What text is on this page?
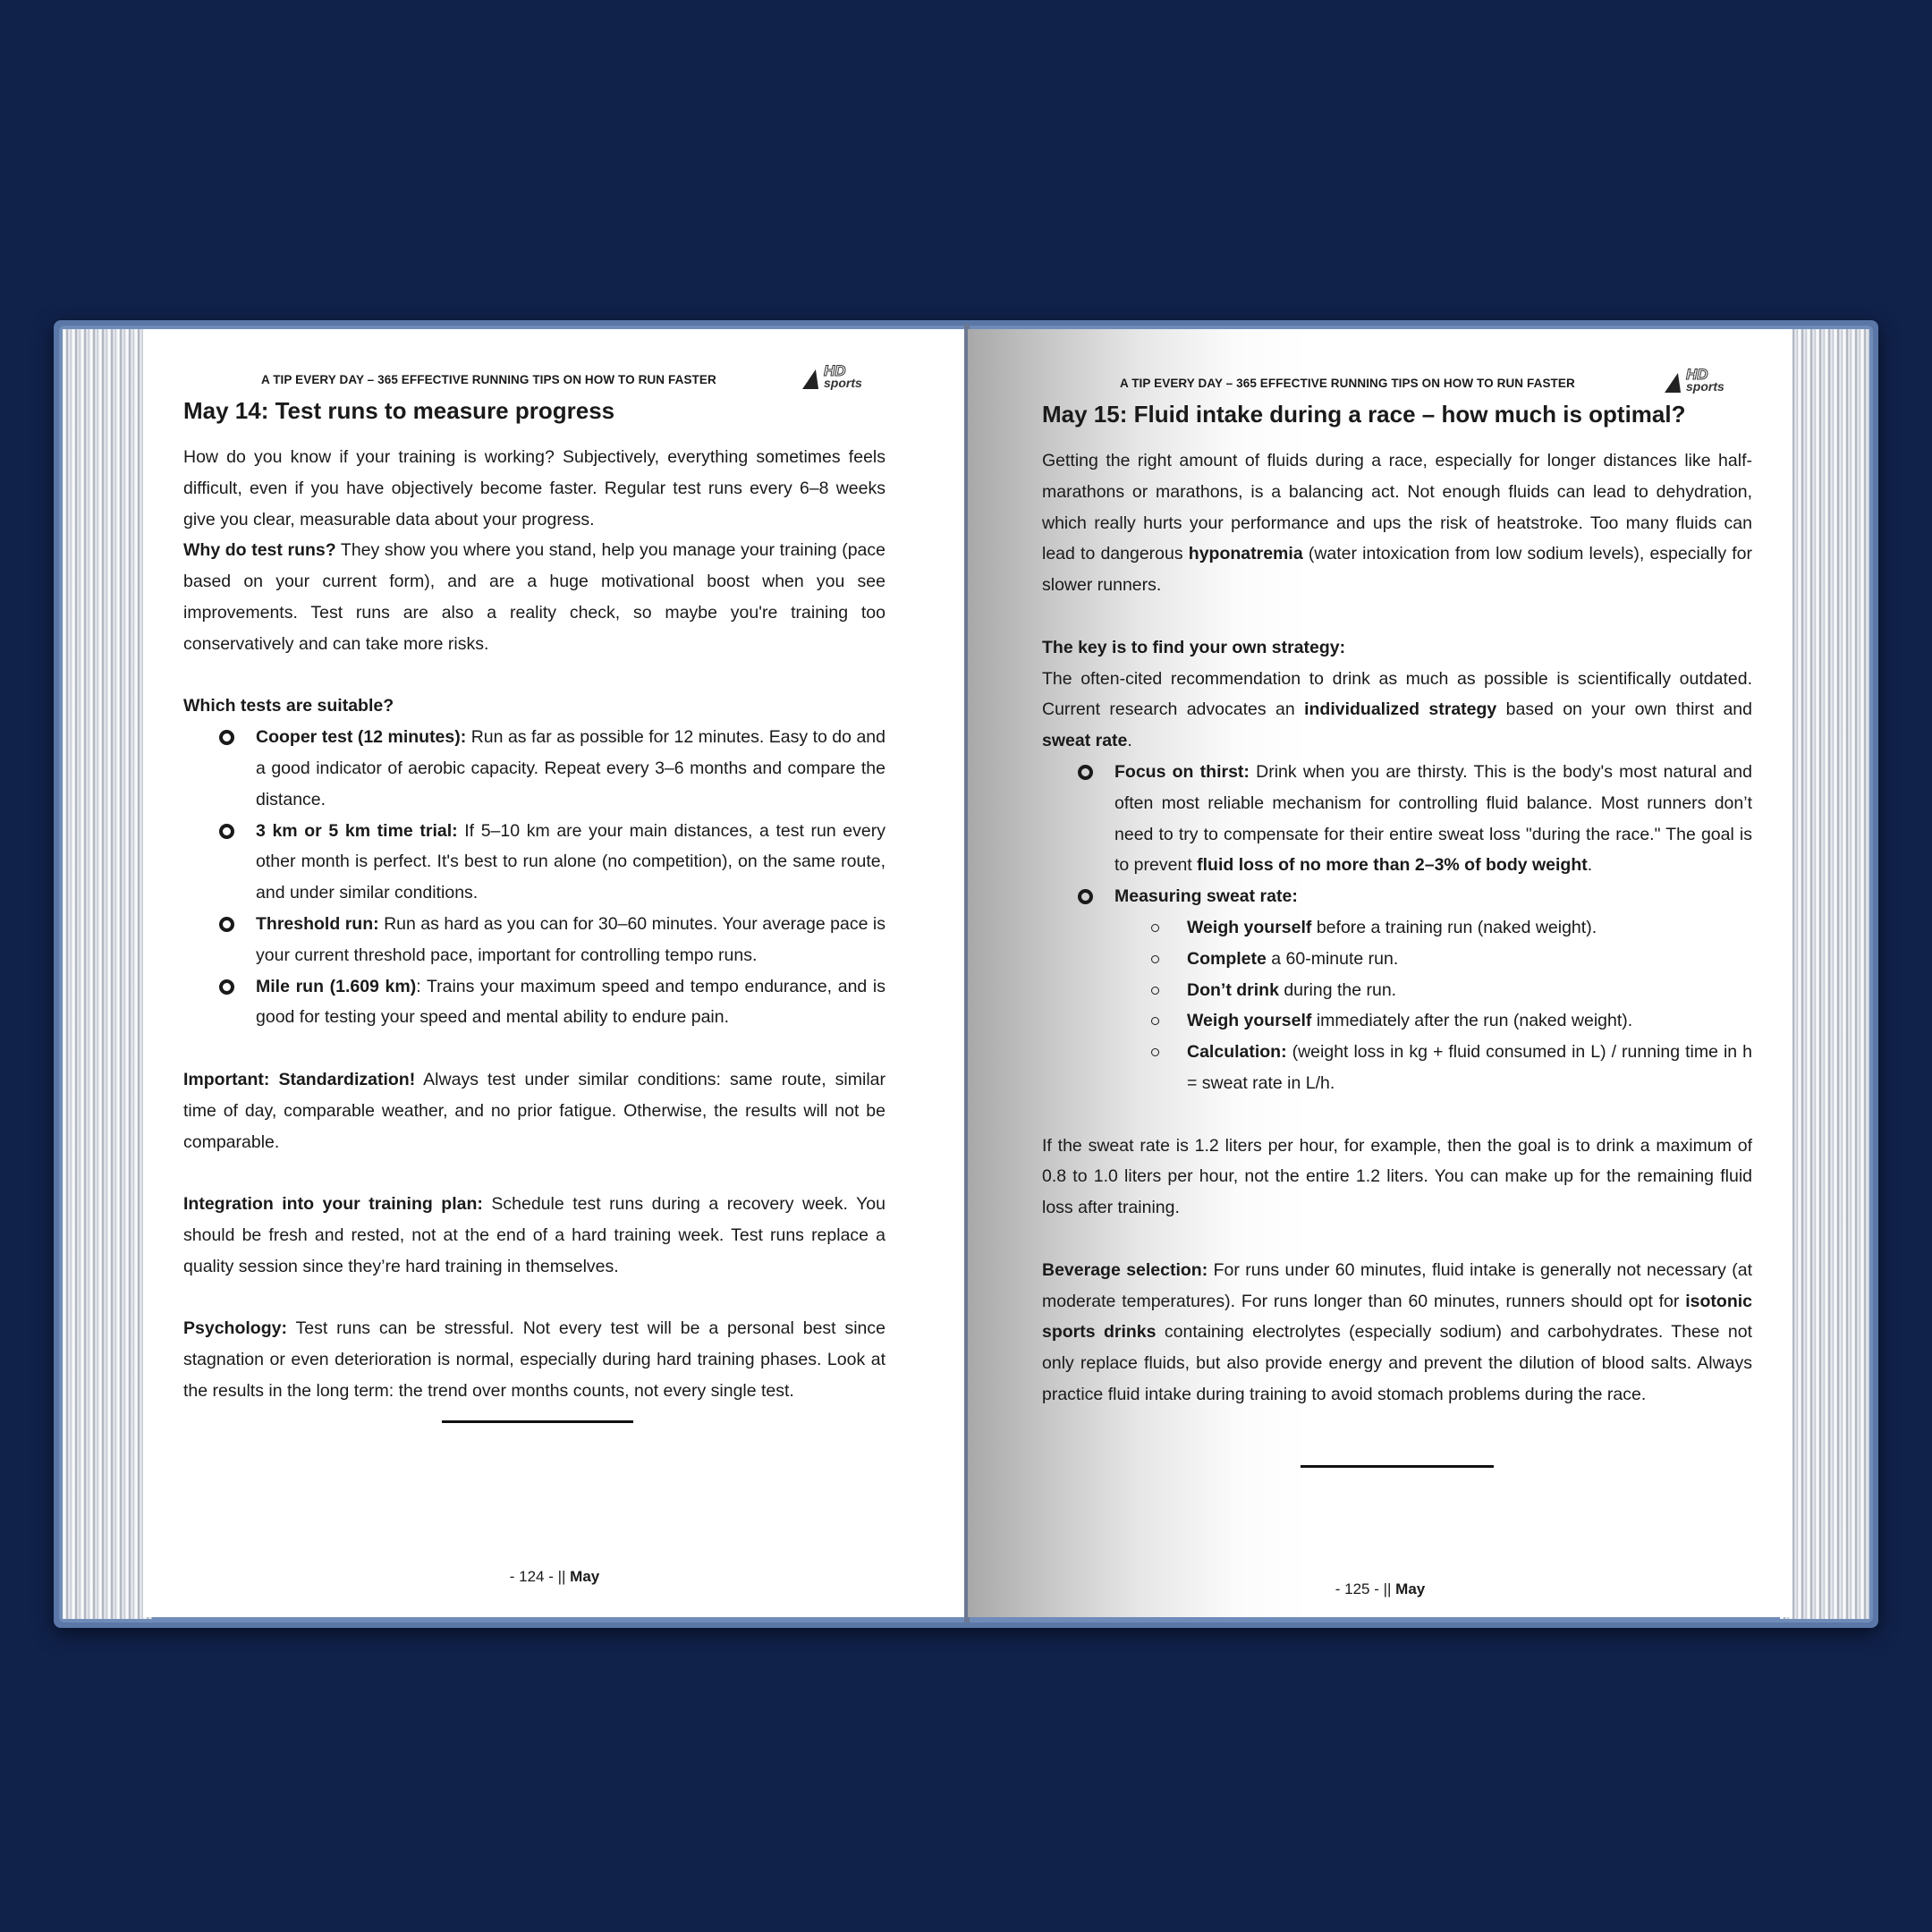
A TIP EVERY DAY – 365 EFFECTIVE RUNNING TIPS ON HOW TO RUN FASTER
HD
sports
May 14: Test runs to measure progress

How do you know if your training is working? Subjectively, everything sometimes feels difficult, even if you have objectively become faster. Regular test runs every 6–8 weeks give you clear, measurable data about your progress.

Why do test runs? They show you where you stand, help you manage your training (pace based on your current form), and are a huge motivational boost when you see improvements. Test runs are also a reality check, so maybe you're training too conservatively and can take more risks.

Which tests are suitable?

Cooper test (12 minutes): Run as far as possible for 12 minutes. Easy to do and a good indicator of aerobic capacity. Repeat every 3–6 months and compare the distance.
3 km or 5 km time trial: If 5–10 km are your main distances, a test run every other month is perfect. It's best to run alone (no competition), on the same route, and under similar conditions.
Threshold run: Run as hard as you can for 30–60 minutes. Your average pace is your current threshold pace, important for controlling tempo runs.
Mile run (1.609 km): Trains your maximum speed and tempo endurance, and is good for testing your speed and mental ability to endure pain.

Important: Standardization! Always test under similar conditions: same route, similar time of day, comparable weather, and no prior fatigue. Otherwise, the results will not be comparable.

Integration into your training plan: Schedule test runs during a recovery week. You should be fresh and rested, not at the end of a hard training week. Test runs replace a quality session since they’re hard training in themselves.

Psychology: Test runs can be stressful. Not every test will be a personal best since stagnation or even deterioration is normal, especially during hard training phases. Look at the results in the long term: the trend over months counts, not every single test.

- 124 - || May
A TIP EVERY DAY – 365 EFFECTIVE RUNNING TIPS ON HOW TO RUN FASTER
HD
sports
May 15: Fluid intake during a race – how much is optimal?

Getting the right amount of fluids during a race, especially for longer distances like half-marathons or marathons, is a balancing act. Not enough fluids can lead to dehydration, which really hurts your performance and ups the risk of heatstroke. Too many fluids can lead to dangerous hyponatremia (water intoxication from low sodium levels), especially for slower runners.

The key is to find your own strategy:

The often-cited recommendation to drink as much as possible is scientifically outdated. Current research advocates an individualized strategy based on your own thirst and sweat rate.

Focus on thirst: Drink when you are thirsty. This is the body's most natural and often most reliable mechanism for controlling fluid balance. Most runners don’t need to try to compensate for their entire sweat loss "during the race." The goal is to prevent fluid loss of no more than 2–3% of body weight.
Measuring sweat rate:
Weigh yourself before a training run (naked weight).
Complete a 60-minute run.
Don’t drink during the run.
Weigh yourself immediately after the run (naked weight).
Calculation: (weight loss in kg + fluid consumed in L) / running time in h = sweat rate in L/h.

If the sweat rate is 1.2 liters per hour, for example, then the goal is to drink a maximum of 0.8 to 1.0 liters per hour, not the entire 1.2 liters. You can make up for the remaining fluid loss after training.

Beverage selection: For runs under 60 minutes, fluid intake is generally not necessary (at moderate temperatures). For runs longer than 60 minutes, runners should opt for isotonic sports drinks containing electrolytes (especially sodium) and carbohydrates. These not only replace fluids, but also provide energy and prevent the dilution of blood salts. Always practice fluid intake during training to avoid stomach problems during the race.

- 125 - || May
